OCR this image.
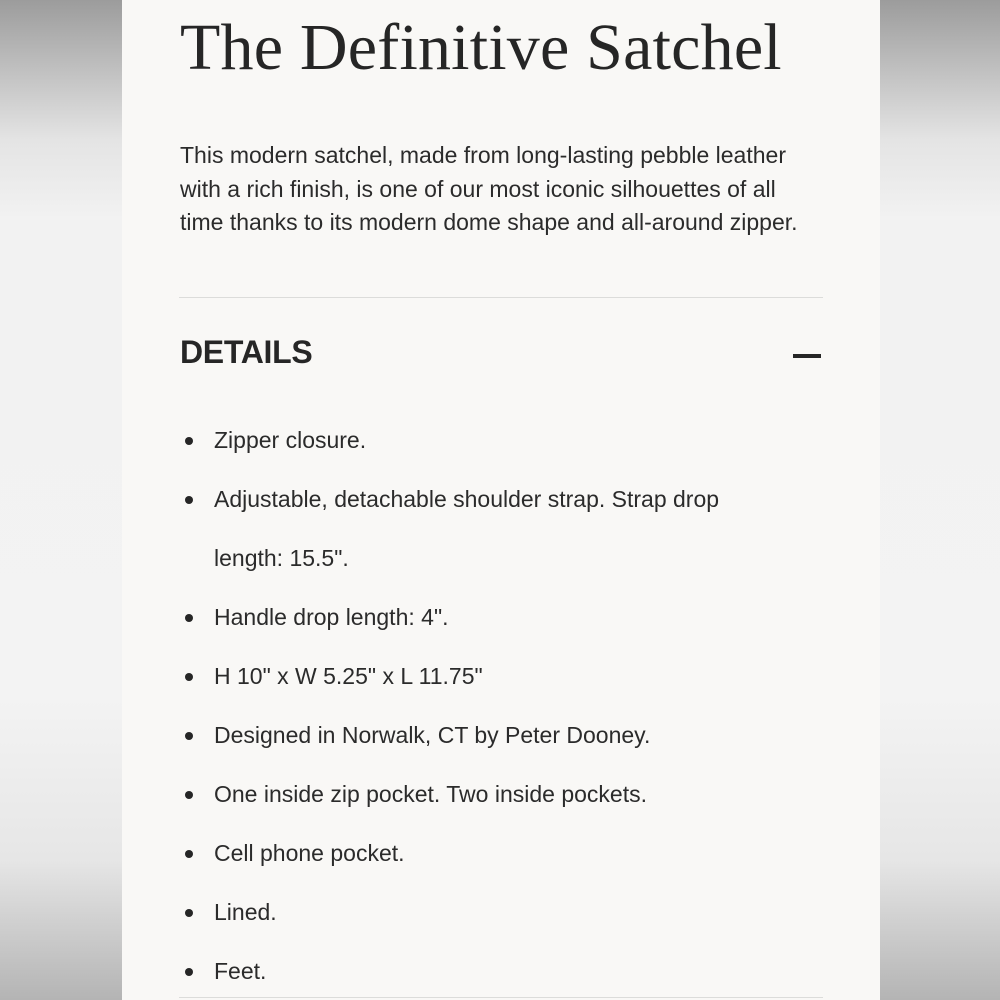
The Definitive Satchel

This modern satchel, made from long-lasting pebble leather with a rich finish, is one of our most iconic silhouettes of all time thanks to its modern dome shape and all-around zipper.

DETAILS
Zipper closure.
Adjustable, detachable shoulder strap. Strap drop length: 15.5".
Handle drop length: 4".
H 10" x W 5.25" x L 11.75"
Designed in Norwalk, CT by Peter Dooney.
One inside zip pocket. Two inside pockets.
Cell phone pocket.
Lined.
Feet.
